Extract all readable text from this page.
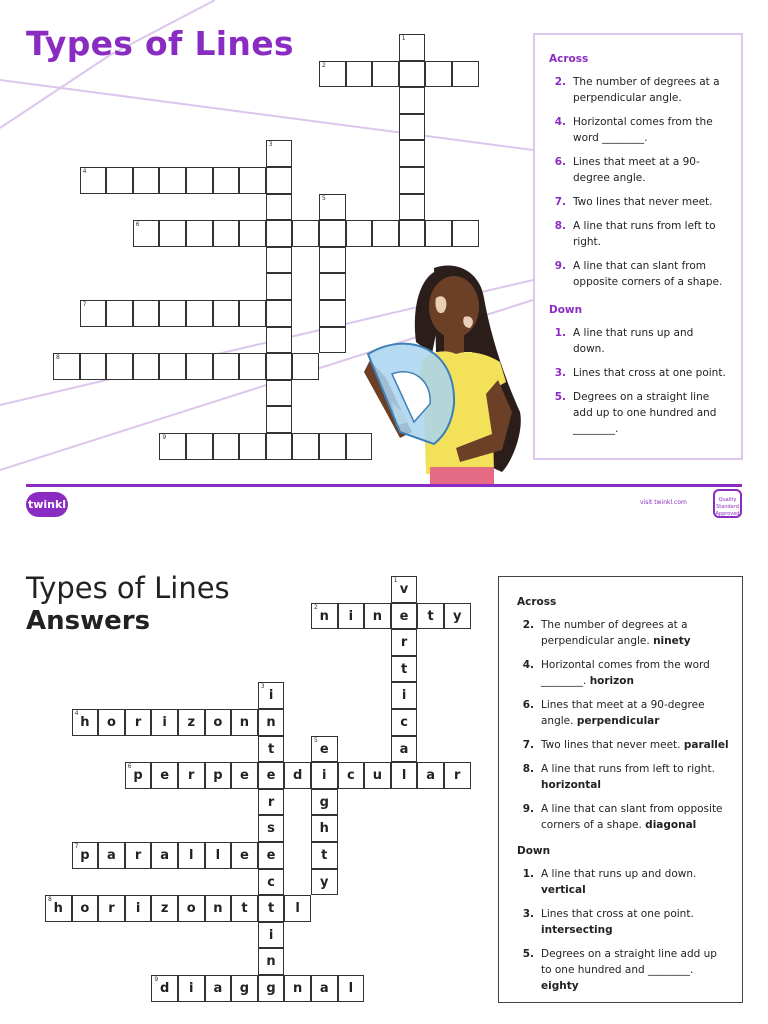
Types of Lines	1
2
3
4
5
6
7
8
9
Across
2. The number of degrees at a perpendicular angle.
4. Horizontal comes from the word ________.
6. Lines that meet at a 90-degree angle.
7. Two lines that never meet.
8. A line that runs from left to right.
9. A line that can slant from opposite corners of a shape.
Down
1. A line that runs up and down.
3. Lines that cross at one point.
5. Degrees on a straight line add up to one hundred and ________.
twinkl	visit twinkl.com	Quality Standard Approved
Types of Lines
Answers
1
v
e
r
t
i
c
a
l
2
n	i	n	t	y
3
i
n
t
e
r
s
e
c
t
i
n
g
4
h	o	r	i	z	o	n
5
e
i
g
h
t
y
6
p	e	r	p	e	d	c	u	a	r
7
p	a	r	a	l	l	e
8
h	o	r	i	z	o	n	t	l
9
d	i	a	g	n	a	l
Across
2. The number of degrees at a perpendicular angle. ninety
4. Horizontal comes from the word ________. horizon
6. Lines that meet at a 90-degree angle. perpendicular
7. Two lines that never meet. parallel
8. A line that runs from left to right. horizontal
9. A line that can slant from opposite corners of a shape. diagonal
Down
1. A line that runs up and down. vertical
3. Lines that cross at one point. intersecting
5. Degrees on a straight line add up to one hundred and ________. eighty
